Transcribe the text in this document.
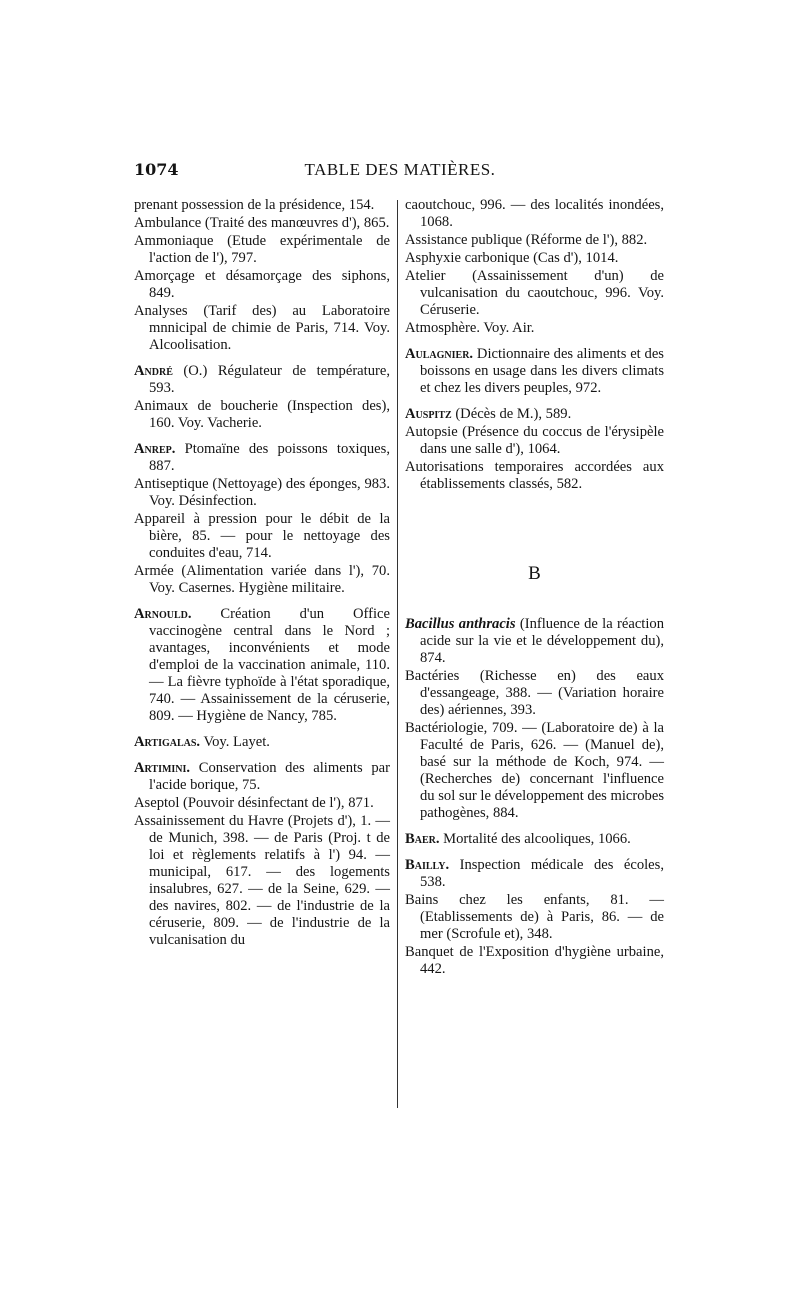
1074	TABLE DES MATIÈRES.

prenant possession de la présidence, 154.

Ambulance (Traité des manœuvres d'), 865.

Ammoniaque (Etude expérimentale de l'action de l'), 797.

Amorçage et désamorçage des siphons, 849.

Analyses (Tarif des) au Laboratoire mnnicipal de chimie de Paris, 714. Voy. Alcoolisation.

André (O.) Régulateur de température, 593.

Animaux de boucherie (Inspection des), 160. Voy. Vacherie.

Anrep. Ptomaïne des poissons toxiques, 887.

Antiseptique (Nettoyage) des éponges, 983. Voy. Désinfection.

Appareil à pression pour le débit de la bière, 85. — pour le nettoyage des conduites d'eau, 714.

Armée (Alimentation variée dans l'), 70. Voy. Casernes. Hygiène militaire.

Arnould. Création d'un Office vaccinogène central dans le Nord ; avantages, inconvénients et mode d'emploi de la vaccination animale, 110. — La fièvre typhoïde à l'état sporadique, 740. — Assainissement de la céruserie, 809. — Hygiène de Nancy, 785.

Artigalas. Voy. Layet.

Artimini. Conservation des aliments par l'acide borique, 75.

Aseptol (Pouvoir désinfectant de l'), 871.

Assainissement du Havre (Projets d'), 1. — de Munich, 398. — de Paris (Proj. t de loi et règlements relatifs à l') 94. — municipal, 617. — des logements insalubres, 627. — de la Seine, 629. — des navires, 802. — de l'industrie de la céruserie, 809. — de l'industrie de la vulcanisation du

caoutchouc, 996. — des localités inondées, 1068.

Assistance publique (Réforme de l'), 882.

Asphyxie carbonique (Cas d'), 1014.

Atelier (Assainissement d'un) de vulcanisation du caoutchouc, 996. Voy. Céruserie.

Atmosphère. Voy. Air.

Aulagnier. Dictionnaire des aliments et des boissons en usage dans les divers climats et chez les divers peuples, 972.

Auspitz (Décès de M.), 589.

Autopsie (Présence du coccus de l'érysipèle dans une salle d'), 1064.

Autorisations temporaires accordées aux établissements classés, 582.

B

Bacillus anthracis (Influence de la réaction acide sur la vie et le développement du), 874.

Bactéries (Richesse en) des eaux d'essangeage, 388. — (Variation horaire des) aériennes, 393.

Bactériologie, 709. — (Laboratoire de) à la Faculté de Paris, 626. — (Manuel de), basé sur la méthode de Koch, 974. — (Recherches de) concernant l'influence du sol sur le développement des microbes pathogènes, 884.

Baer. Mortalité des alcooliques, 1066.

Bailly. Inspection médicale des écoles, 538.

Bains chez les enfants, 81. — (Etablissements de) à Paris, 86. — de mer (Scrofule et), 348.

Banquet de l'Exposition d'hygiène urbaine, 442.
